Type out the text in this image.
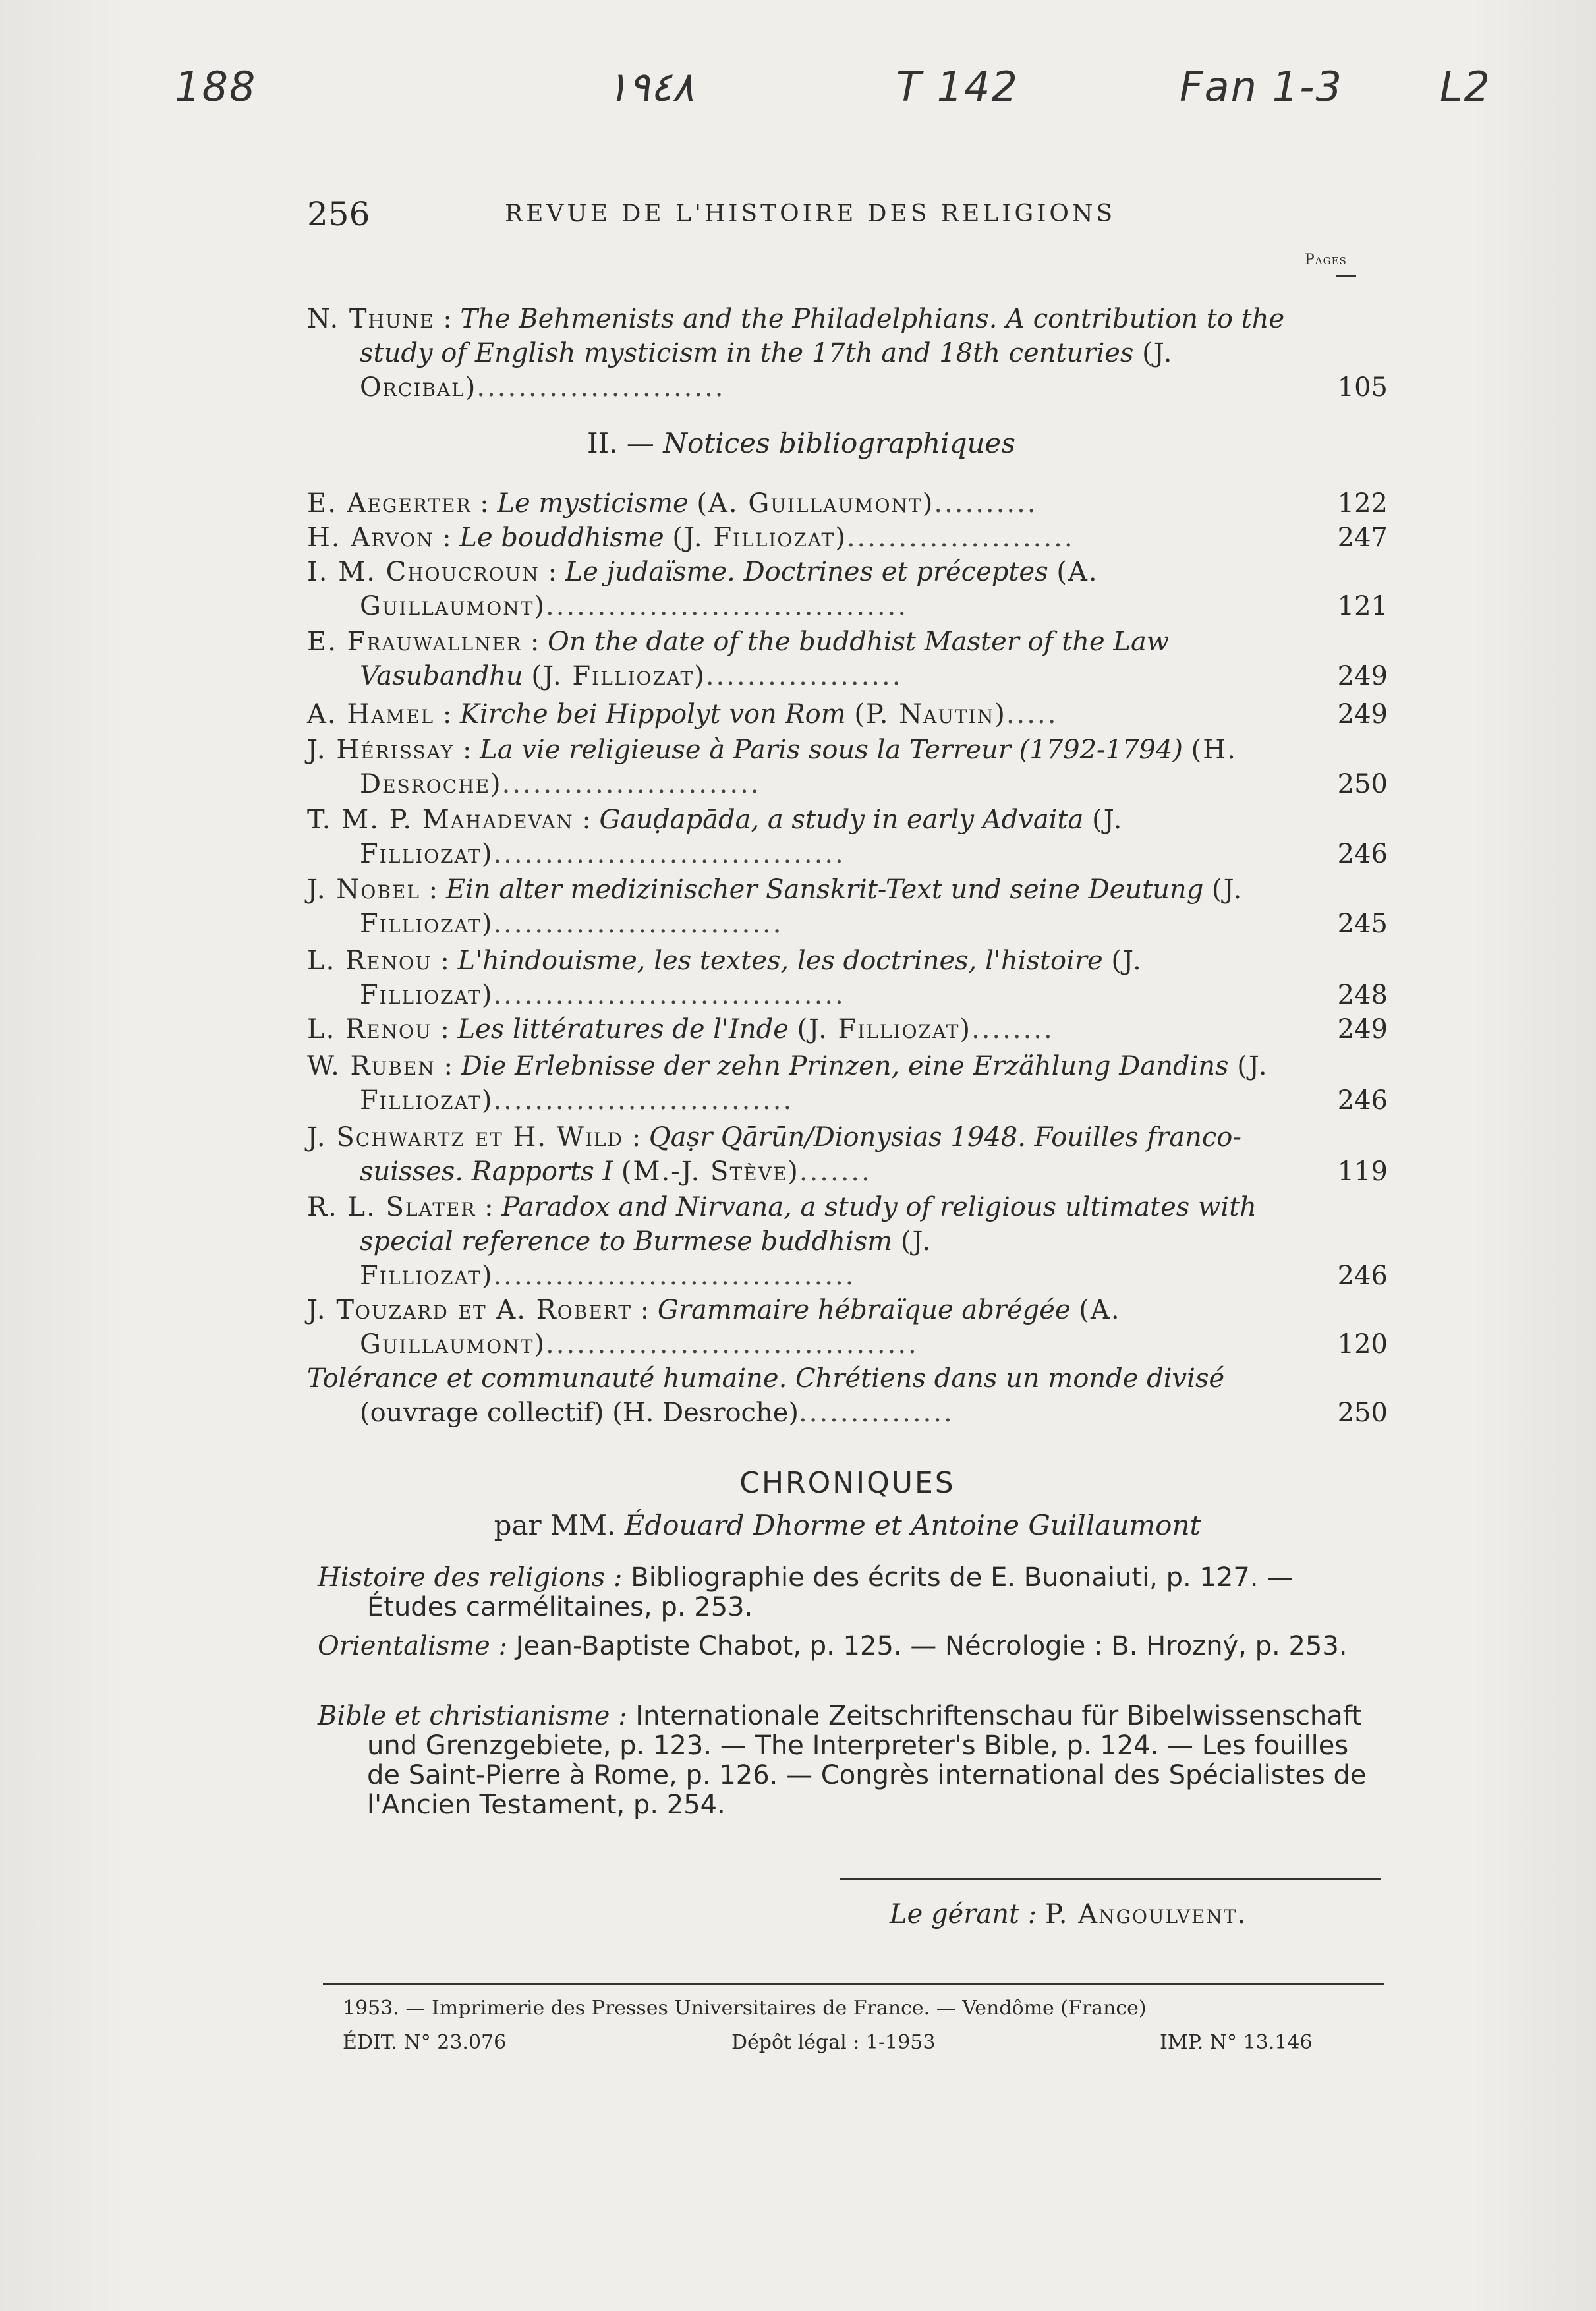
188	١٩٤٨	T 142	Fan 1-3 L2
256	REVUE DE L'HISTOIRE DES RELIGIONS
Pages
N. Thune : The Behmenists and the Philadelphians. A contribution to the study of English mysticism in the 17th and 18th centuries (J. Orcibal)........................	105
II. — Notices bibliographiques
E. Aegerter : Le mysticisme (A. Guillaumont)..........	122
H. Arvon : Le bouddhisme (J. Filliozat)......................	247
I. M. Choucroun : Le judaïsme. Doctrines et préceptes (A. Guillaumont)...................................	121
E. Frauwallner : On the date of the buddhist Master of the Law Vasubandhu (J. Filliozat)...................	249
A. Hamel : Kirche bei Hippolyt von Rom (P. Nautin).....	249
J. Hérissay : La vie religieuse à Paris sous la Terreur (1792-1794) (H. Desroche).........................	250
T. M. P. Mahadevan : Gauḍapāda, a study in early Advaita (J. Filliozat)..................................	246
J. Nobel : Ein alter medizinischer Sanskrit-Text und seine Deutung (J. Filliozat)............................	245
L. Renou : L'hindouisme, les textes, les doctrines, l'histoire (J. Filliozat)..................................	248
L. Renou : Les littératures de l'Inde (J. Filliozat)........	249
W. Ruben : Die Erlebnisse der zehn Prinzen, eine Erzählung Dandins (J. Filliozat).............................	246
J. Schwartz et H. Wild : Qaṣr Qārūn/Dionysias 1948. Fouilles franco-suisses. Rapports I (M.-J. Stève).......	119
R. L. Slater : Paradox and Nirvana, a study of religious ultimates with special reference to Burmese buddhism (J. Filliozat)...................................	246
J. Touzard et A. Robert : Grammaire hébraïque abrégée (A. Guillaumont)....................................	120
Tolérance et communauté humaine. Chrétiens dans un monde divisé (ouvrage collectif) (H. Desroche)...............	250
CHRONIQUES
par MM. Édouard Dhorme et Antoine Guillaumont
Histoire des religions : Bibliographie des écrits de E. Buonaiuti, p. 127. — Études carmélitaines, p. 253.
Orientalisme : Jean-Baptiste Chabot, p. 125. — Nécrologie : B. Hrozný, p. 253.
Bible et christianisme : Internationale Zeitschriftenschau für Bibelwissenschaft und Grenzgebiete, p. 123. — The Interpreter's Bible, p. 124. — Les fouilles de Saint-Pierre à Rome, p. 126. — Congrès international des Spécialistes de l'Ancien Testament, p. 254.
Le gérant : P. Angoulvent.
1953. — Imprimerie des Presses Universitaires de France. — Vendôme (France)
ÉDIT. N° 23.076	Dépôt légal : 1-1953	IMP. N° 13.146
